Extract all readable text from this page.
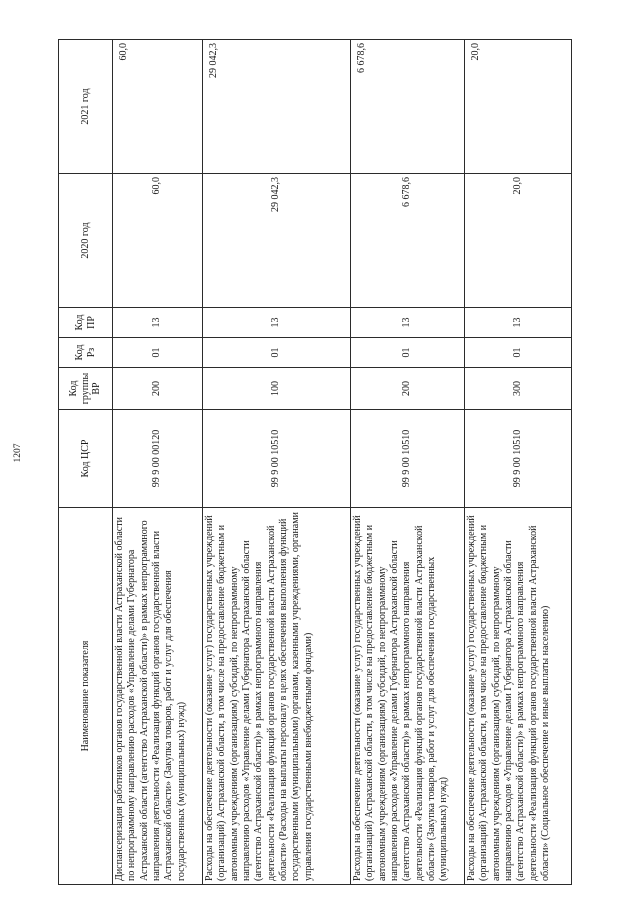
1207
Наименование показателя	Код ЦСР	Код группы ВР	Код Рз	Код ПР	2020 год	2021 год
Диспансеризация работников органов государственной власти Астраханской области по непрограммному направлению расходов «Управление делами Губернатора Астраханской области (агентство Астраханской области)» в рамках непрограммного направления деятельности «Реализация функций органов государственной власти Астраханской области» (Закупка товаров, работ и услуг для обеспечения государственных (муниципальных) нужд)	99 9 00 00120	200	01	13	60,0	60,0
Расходы на обеспечение деятельности (оказание услуг) государственных учреждений (организаций) Астраханской области, в том числе на предоставление бюджетным и автономным учреждениям (организациям) субсидий, по непрограммному направлению расходов «Управление делами Губернатора Астраханской области (агентство Астраханской области)» в рамках непрограммного направления деятельности «Реализация функций органов государственной власти Астраханской области» (Расходы на выплаты персоналу в целях обеспечения выполнения функций государственными (муниципальными) органами, казенными учреждениями, органами управления государственными внебюджетными фондами)	99 9 00 10510	100	01	13	29 042,3	29 042,3
Расходы на обеспечение деятельности (оказание услуг) государственных учреждений (организаций) Астраханской области, в том числе на предоставление бюджетным и автономным учреждениям (организациям) субсидий, по непрограммному направлению расходов «Управление делами Губернатора Астраханской области (агентство Астраханской области)» в рамках непрограммного направления деятельности «Реализация функций органов государственной власти Астраханской области» (Закупка товаров, работ и услуг для обеспечения государственных (муниципальных) нужд)	99 9 00 10510	200	01	13	6 678,6	6 678,6
Расходы на обеспечение деятельности (оказание услуг) государственных учреждений (организаций) Астраханской области, в том числе на предоставление бюджетным и автономным учреждениям (организациям) субсидий, по непрограммному направлению расходов «Управление делами Губернатора Астраханской области (агентство Астраханской области)» в рамках непрограммного направления деятельности «Реализация функций органов государственной власти Астраханской области» (Социальное обеспечение и иные выплаты населению)	99 9 00 10510	300	01	13	20,0	20,0
